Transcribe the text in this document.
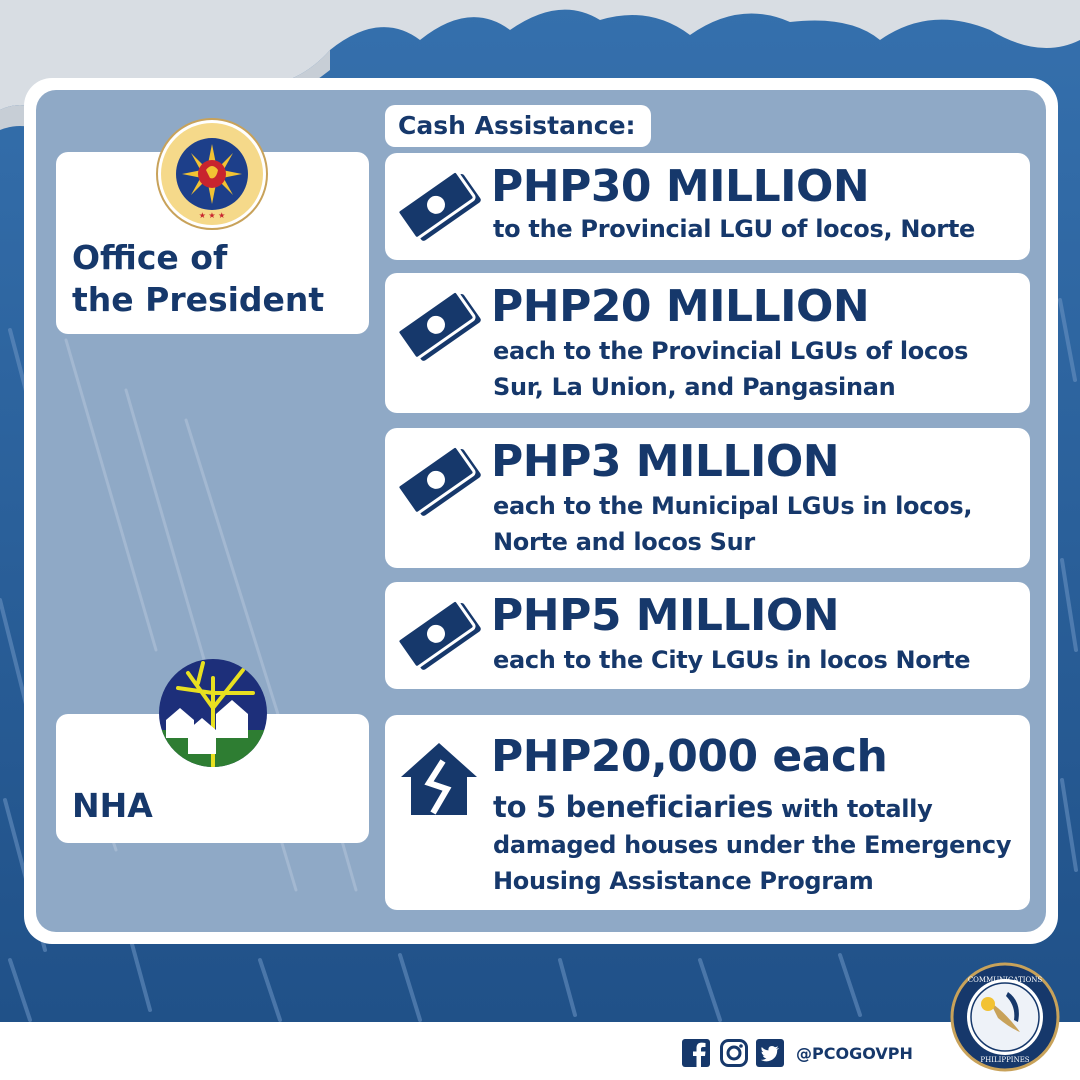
Office of
the President
★ ★ ★
NHA
Cash Assistance:
PHP30 MILLION
to the Provincial LGU of locos, Norte
PHP20 MILLION
each to the Provincial LGUs of locos
Sur, La Union, and Pangasinan
PHP3 MILLION
each to the Municipal LGUs in locos,
Norte and locos Sur
PHP5 MILLION
each to the City LGUs in locos Norte
PHP20,000 each
to 5 beneficiaries with totally
damaged houses under the Emergency
Housing Assistance Program
@PCOGOVPH
COMMUNICATIONS
PHILIPPINES
